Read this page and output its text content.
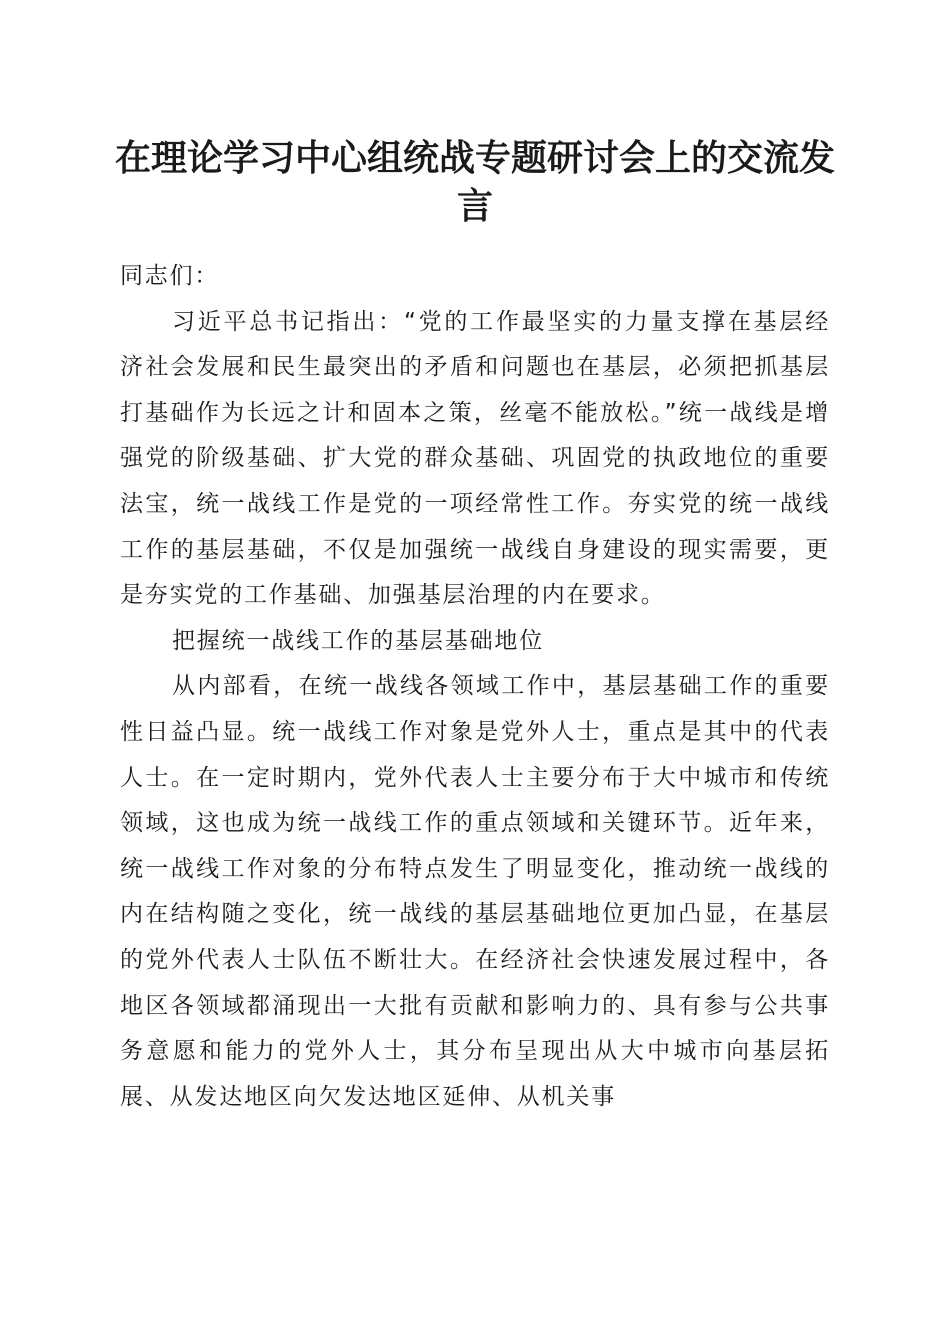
在理论学习中心组统战专题研讨会上的交流发言

同志们：

习近平总书记指出：“党的工作最坚实的力量支撑在基层经济社会发展和民生最突出的矛盾和问题也在基层，必须把抓基层打基础作为长远之计和固本之策，丝毫不能放松。”统一战线是增强党的阶级基础、扩大党的群众基础、巩固党的执政地位的重要法宝，统一战线工作是党的一项经常性工作。夯实党的统一战线工作的基层基础，不仅是加强统一战线自身建设的现实需要，更是夯实党的工作基础、加强基层治理的内在要求。

把握统一战线工作的基层基础地位

从内部看，在统一战线各领域工作中，基层基础工作的重要性日益凸显。统一战线工作对象是党外人士，重点是其中的代表人士。在一定时期内，党外代表人士主要分布于大中城市和传统领域，这也成为统一战线工作的重点领域和关键环节。近年来，统一战线工作对象的分布特点发生了明显变化，推动统一战线的内在结构随之变化，统一战线的基层基础地位更加凸显，在基层的党外代表人士队伍不断壮大。在经济社会快速发展过程中，各地区各领域都涌现出一大批有贡献和影响力的、具有参与公共事务意愿和能力的党外人士，其分布呈现出从大中城市向基层拓展、从发达地区向欠发达地区延伸、从机关事
